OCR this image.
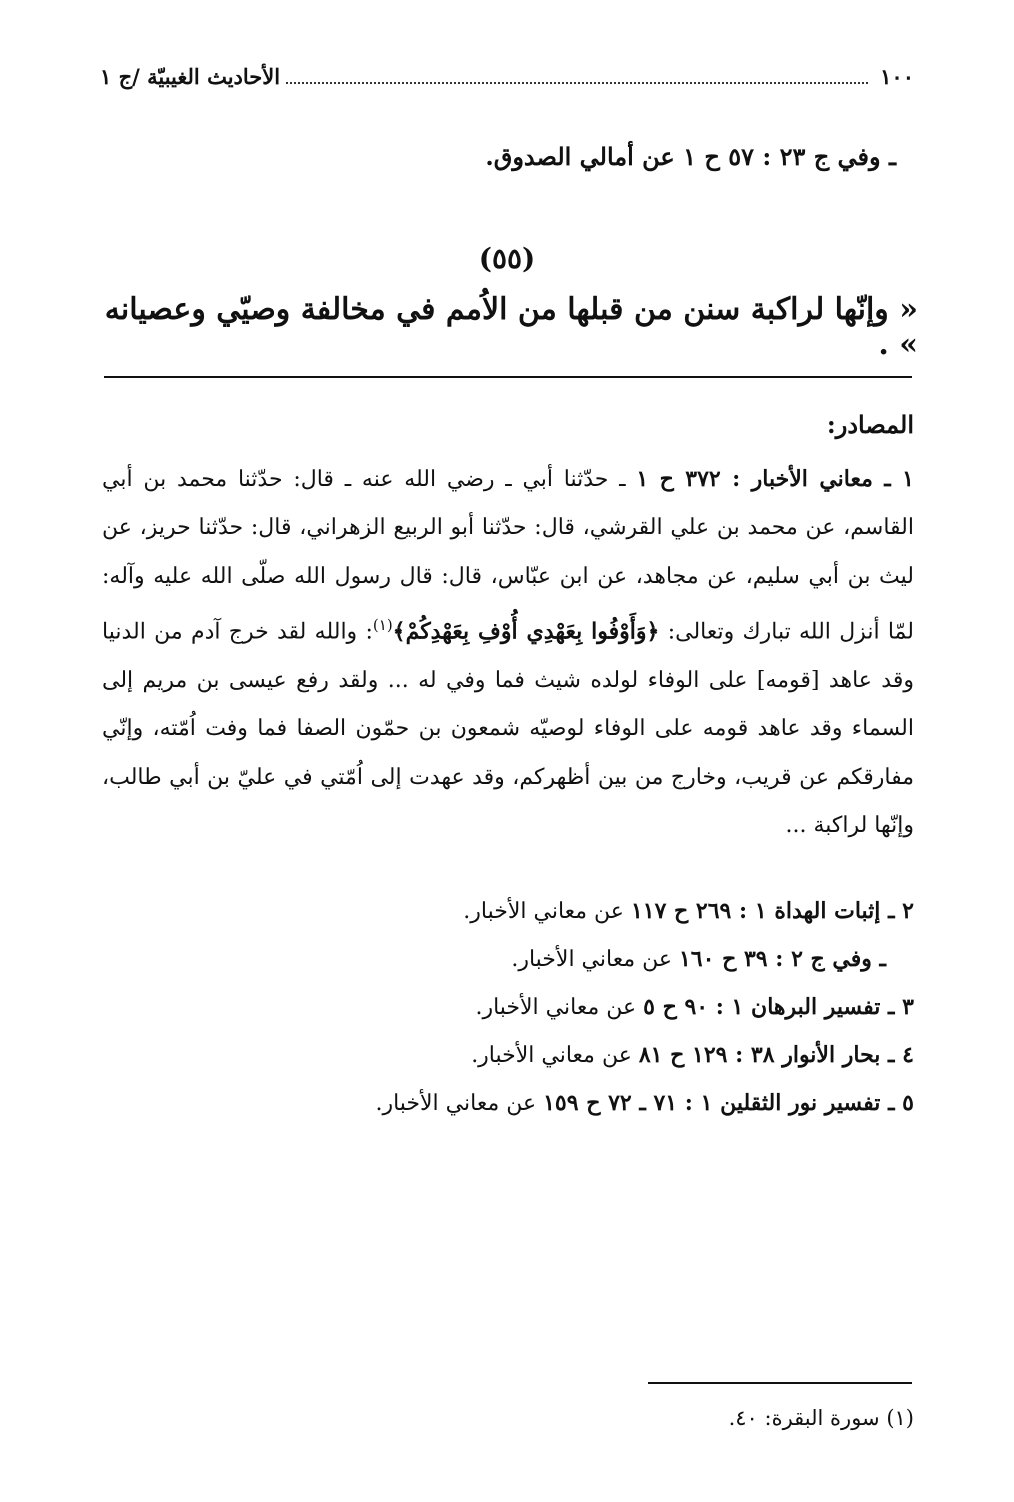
١٠٠
الأحاديث الغيبيّة /ج ١
ـ وفي ج ٢٣ : ٥٧ ح ١ عن أمالي الصدوق.
(٥٥)
« وإنّها لراكبة سنن من قبلها من الاُمم في مخالفة وصيّي وعصيانه » .
المصادر:
١ ـ معاني الأخبار : ٣٧٢ ح ١ ـ حدّثنا أبي ـ رضي الله عنه ـ قال: حدّثنا محمد بن أبي القاسم، عن محمد بن علي القرشي، قال: حدّثنا أبو الربيع الزهراني، قال: حدّثنا حريز، عن ليث بن أبي سليم، عن مجاهد، عن ابن عبّاس، قال: قال رسول الله صلّى الله عليه وآله: لمّا أنزل الله تبارك وتعالى: ﴿وَأَوْفُوا بِعَهْدِي أُوْفِ بِعَهْدِكُمْ﴾$^{(١)}$: والله لقد خرج آدم من الدنيا وقد عاهد [قومه] على الوفاء لولده شيث فما وفي له ... ولقد رفع عيسى بن مريم إلى السماء وقد عاهد قومه على الوفاء لوصيّه شمعون بن حمّون الصفا فما وفت اُمّته، وإنّي مفارقكم عن قريب، وخارج من بين أظهركم، وقد عهدت إلى اُمّتي في عليّ بن أبي طالب، وإنّها لراكبة ...
٢ ـ إثبات الهداة ١ : ٢٦٩ ح ١١٧ عن معاني الأخبار.
ـ وفي ج ٢ : ٣٩ ح ١٦٠ عن معاني الأخبار.
٣ ـ تفسير البرهان ١ : ٩٠ ح ٥ عن معاني الأخبار.
٤ ـ بحار الأنوار ٣٨ : ١٢٩ ح ٨١ عن معاني الأخبار.
٥ ـ تفسير نور الثقلين ١ : ٧١ ـ ٧٢ ح ١٥٩ عن معاني الأخبار.
(١) سورة البقرة: ٤٠.
